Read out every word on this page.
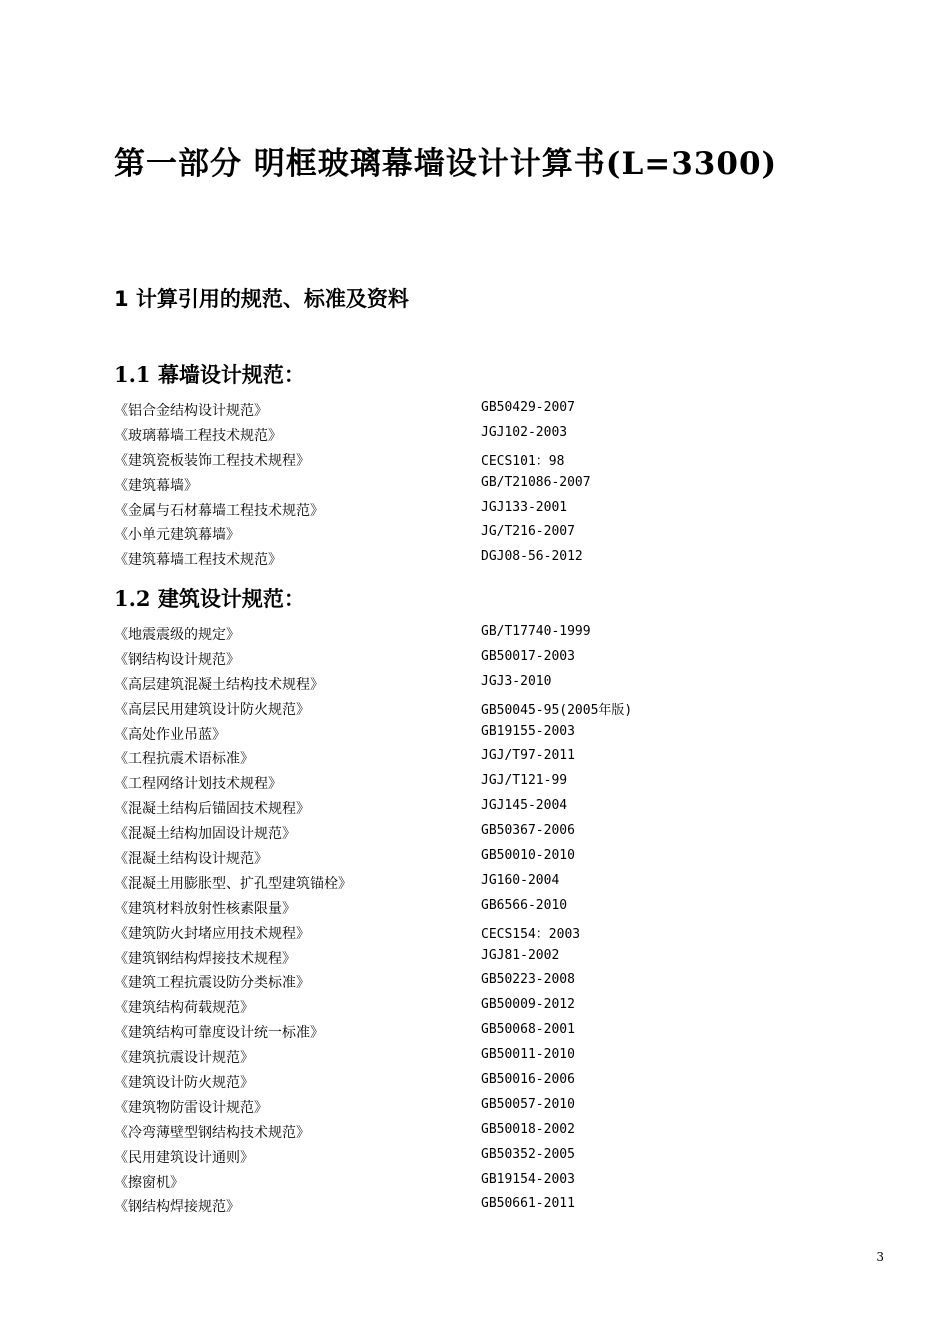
第一部分 明框玻璃幕墙设计计算书(L=3300)
1 计算引用的规范、标准及资料
1.1 幕墙设计规范：
《铝合金结构设计规范》	GB50429-2007
《玻璃幕墙工程技术规范》	JGJ102-2003
《建筑瓷板装饰工程技术规程》	CECS101：98
《建筑幕墙》	GB/T21086-2007
《金属与石材幕墙工程技术规范》	JGJ133-2001
《小单元建筑幕墙》	JG/T216-2007
《建筑幕墙工程技术规范》	DGJ08-56-2012
1.2 建筑设计规范：
《地震震级的规定》	GB/T17740-1999
《钢结构设计规范》	GB50017-2003
《高层建筑混凝土结构技术规程》	JGJ3-2010
《高层民用建筑设计防火规范》	GB50045-95(2005年版)
《高处作业吊蓝》	GB19155-2003
《工程抗震术语标准》	JGJ/T97-2011
《工程网络计划技术规程》	JGJ/T121-99
《混凝土结构后锚固技术规程》	JGJ145-2004
《混凝土结构加固设计规范》	GB50367-2006
《混凝土结构设计规范》	GB50010-2010
《混凝土用膨胀型、扩孔型建筑锚栓》	JG160-2004
《建筑材料放射性核素限量》	GB6566-2010
《建筑防火封堵应用技术规程》	CECS154：2003
《建筑钢结构焊接技术规程》	JGJ81-2002
《建筑工程抗震设防分类标准》	GB50223-2008
《建筑结构荷载规范》	GB50009-2012
《建筑结构可靠度设计统一标准》	GB50068-2001
《建筑抗震设计规范》	GB50011-2010
《建筑设计防火规范》	GB50016-2006
《建筑物防雷设计规范》	GB50057-2010
《冷弯薄壁型钢结构技术规范》	GB50018-2002
《民用建筑设计通则》	GB50352-2005
《擦窗机》	GB19154-2003
《钢结构焊接规范》	GB50661-2011
3
